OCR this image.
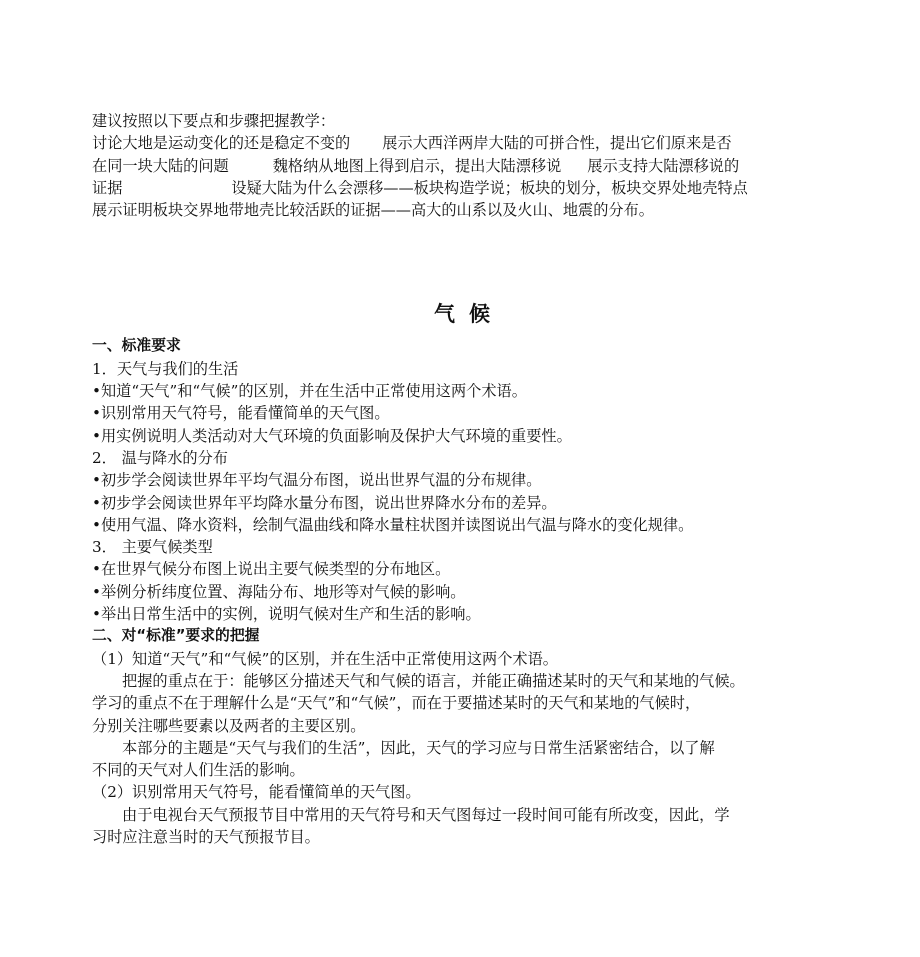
建议按照以下要点和步骤把握教学：
讨论大地是运动变化的还是稳定不变的 展示大西洋两岸大陆的可拼合性，提出它们原来是否
在同一块大陆的问题	魏格纳从地图上得到启示，提出大陆漂移说 展示支持大陆漂移说的
证据	设疑大陆为什么会漂移——板块构造学说；板块的划分，板块交界处地壳特点
展示证明板块交界地带地壳比较活跃的证据——高大的山系以及火山、地震的分布。
气候
一、标准要求
1．天气与我们的生活
•知道“天气”和“气候”的区别，并在生活中正常使用这两个术语。
•识别常用天气符号，能看懂简单的天气图。
•用实例说明人类活动对大气环境的负面影响及保护大气环境的重要性。
2． 温与降水的分布
•初步学会阅读世界年平均气温分布图，说出世界气温的分布规律。
•初步学会阅读世界年平均降水量分布图，说出世界降水分布的差异。
•使用气温、降水资料，绘制气温曲线和降水量柱状图并读图说出气温与降水的变化规律。
3． 主要气候类型
•在世界气候分布图上说出主要气候类型的分布地区。
•举例分析纬度位置、海陆分布、地形等对气候的影响。
•举出日常生活中的实例，说明气候对生产和生活的影响。
二、对“标准”要求的把握
（1）知道“天气”和“气候”的区别，并在生活中正常使用这两个术语。
把握的重点在于：能够区分描述天气和气候的语言，并能正确描述某时的天气和某地的气候。
学习的重点不在于理解什么是“天气”和“气候”，而在于要描述某时的天气和某地的气候时，
分别关注哪些要素以及两者的主要区别。
本部分的主题是“天气与我们的生活”，因此，天气的学习应与日常生活紧密结合，以了解
不同的天气对人们生活的影响。
（2）识别常用天气符号，能看懂简单的天气图。
由于电视台天气预报节目中常用的天气符号和天气图每过一段时间可能有所改变，因此，学
习时应注意当时的天气预报节目。
